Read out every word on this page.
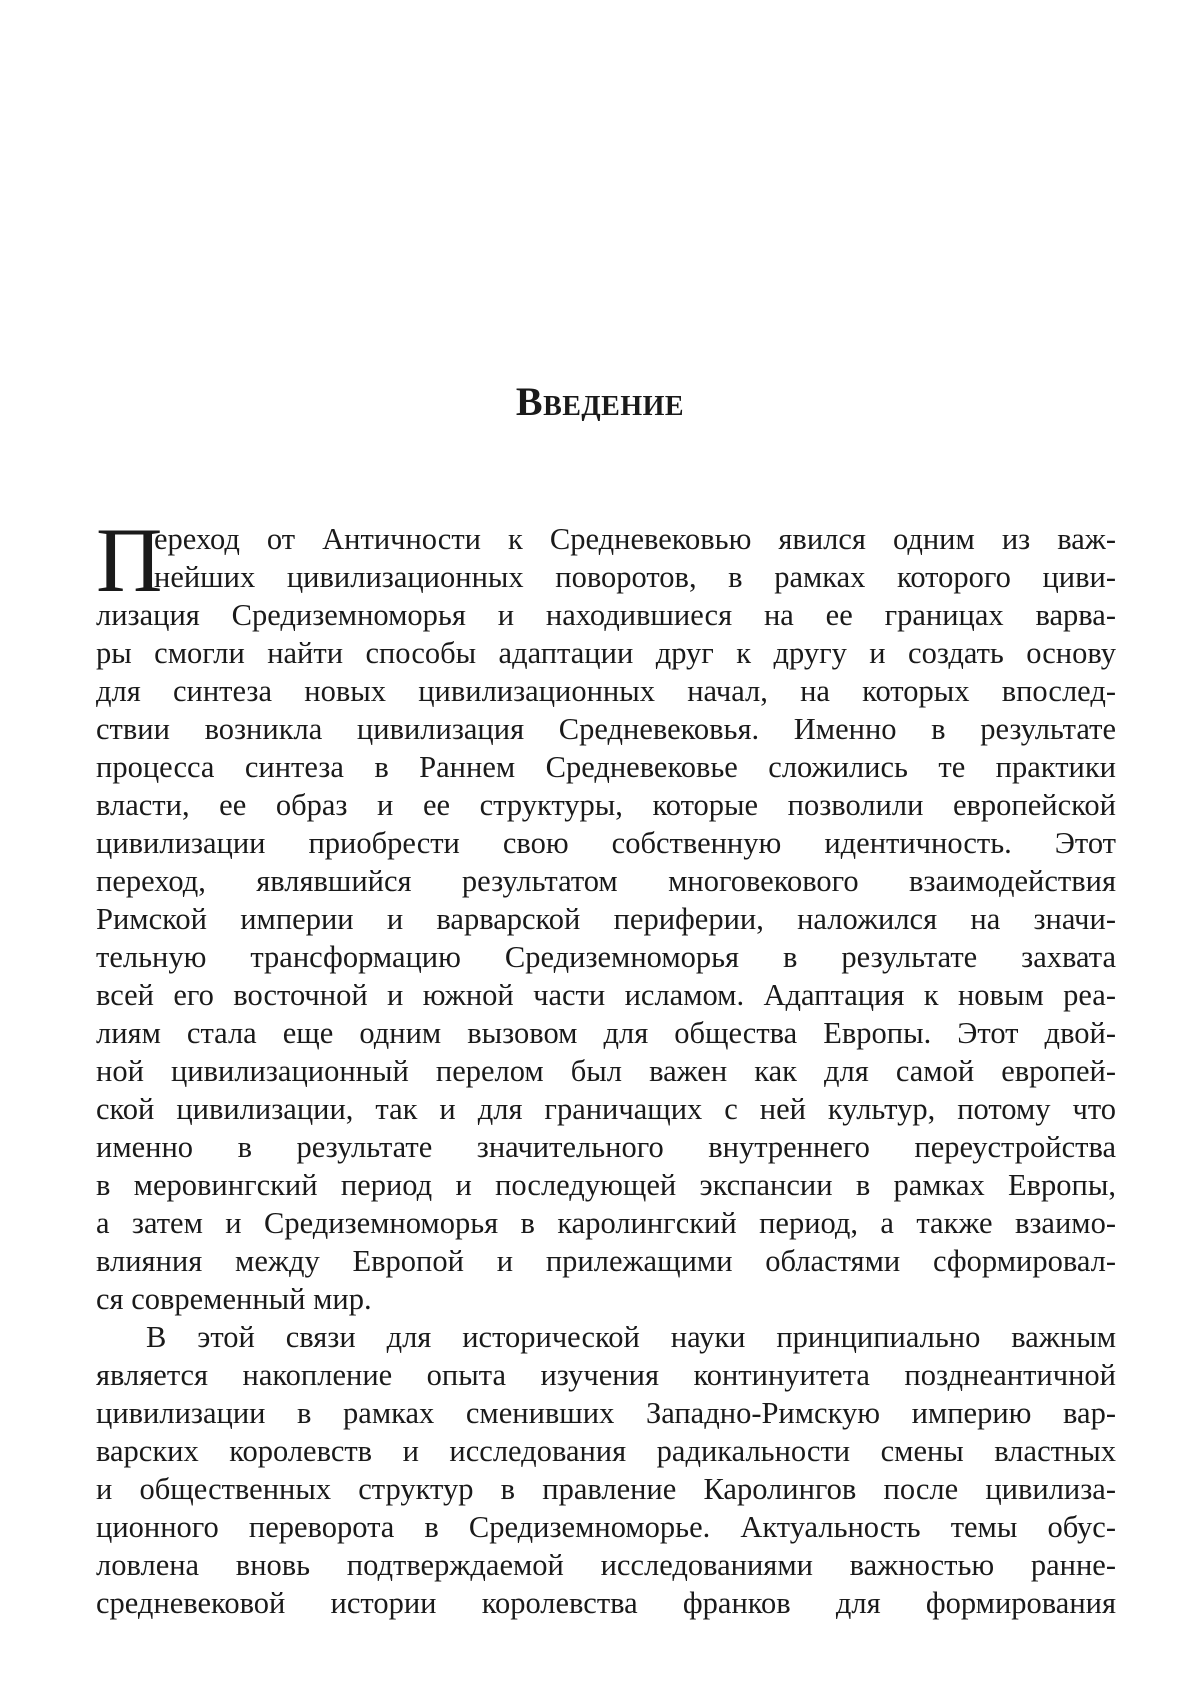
Введение
П
ереход от Античности к Средневековью явился одним из важ-
нейших цивилизационных поворотов, в рамках которого циви-
лизация Средиземноморья и находившиеся на ее границах варва-
ры смогли найти способы адаптации друг к другу и создать основу
для синтеза новых цивилизационных начал, на которых впослед-
ствии возникла цивилизация Средневековья. Именно в результате
процесса синтеза в Раннем Средневековье сложились те практики
власти, ее образ и ее структуры, которые позволили европейской
цивилизации приобрести свою собственную идентичность. Этот
переход, являвшийся результатом многовекового взаимодействия
Римской империи и варварской периферии, наложился на значи-
тельную трансформацию Средиземноморья в результате захвата
всей его восточной и южной части исламом. Адаптация к новым реа-
лиям стала еще одним вызовом для общества Европы. Этот двой-
ной цивилизационный перелом был важен как для самой европей-
ской цивилизации, так и для граничащих с ней культур, потому что
именно в результате значительного внутреннего переустройства
в меровингский период и последующей экспансии в рамках Европы,
а затем и Средиземноморья в каролингский период, а также взаимо-
влияния между Европой и прилежащими областями сформировал-
ся современный мир.
В этой связи для исторической науки принципиально важным
является накопление опыта изучения континуитета позднеантичной
цивилизации в рамках сменивших Западно-Римскую империю вар-
варских королевств и исследования радикальности смены властных
и общественных структур в правление Каролингов после цивилиза-
ционного переворота в Средиземноморье. Актуальность темы обус-
ловлена вновь подтверждаемой исследованиями важностью ранне-
средневековой истории королевства франков для формирования
